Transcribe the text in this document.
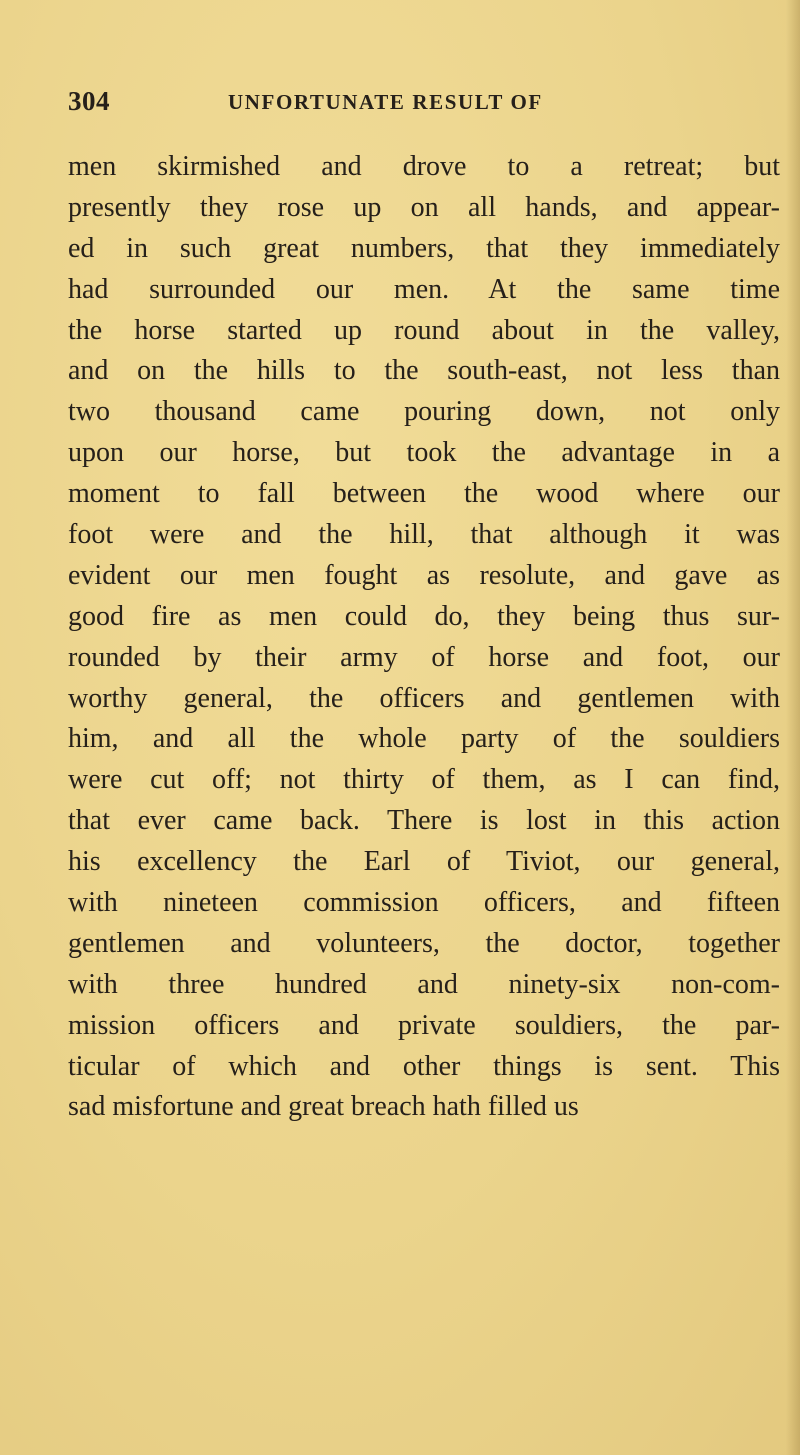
304	UNFORTUNATE RESULT OF
men skirmished and drove to a retreat; but
presently they rose up on all hands, and appear-
ed in such great numbers, that they immediately
had surrounded our men. At the same time
the horse started up round about in the valley,
and on the hills to the south-east, not less than
two thousand came pouring down, not only
upon our horse, but took the advantage in a
moment to fall between the wood where our
foot were and the hill, that although it was
evident our men fought as resolute, and gave as
good fire as men could do, they being thus sur-
rounded by their army of horse and foot, our
worthy general, the officers and gentlemen with
him, and all the whole party of the souldiers
were cut off; not thirty of them, as I can find,
that ever came back. There is lost in this action
his excellency the Earl of Tiviot, our general,
with nineteen commission officers, and fifteen
gentlemen and volunteers, the doctor, together
with three hundred and ninety-six non-com-
mission officers and private souldiers, the par-
ticular of which and other things is sent. This
sad misfortune and great breach hath filled us
